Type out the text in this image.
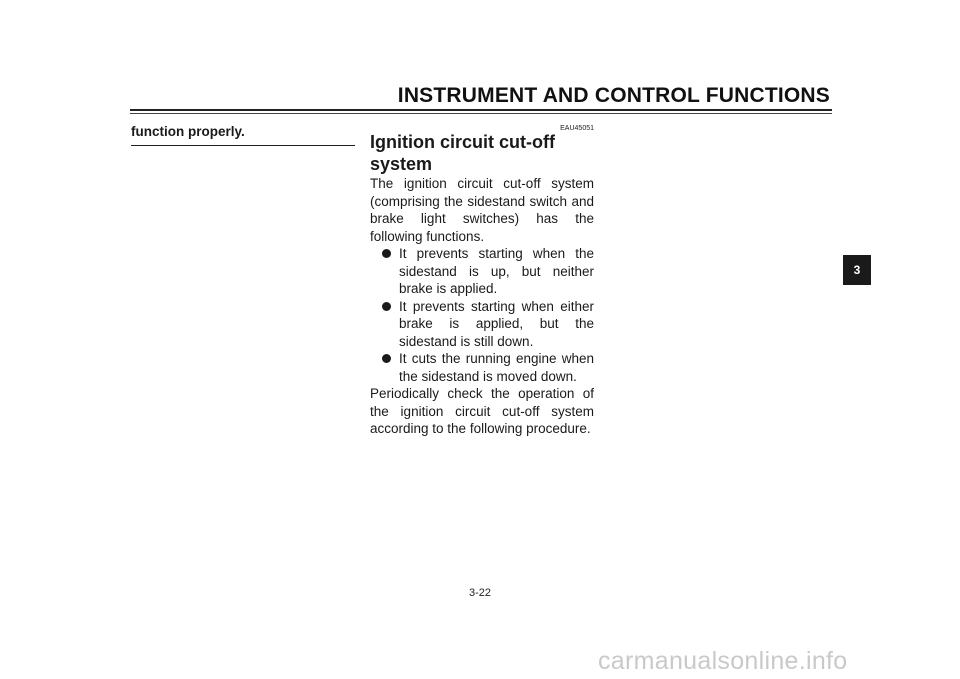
INSTRUMENT AND CONTROL FUNCTIONS

function properly.	EAU45051

Ignition circuit cut-off system

The ignition circuit cut-off system (comprising the sidestand switch and brake light switches) has the following functions.

It prevents starting when the sidestand is up, but neither brake is applied.
It prevents starting when either brake is applied, but the sidestand is still down.
It cuts the running engine when the sidestand is moved down.

Periodically check the operation of the ignition circuit cut-off system according to the following procedure.

3
3-22
carmanualsonline.info
